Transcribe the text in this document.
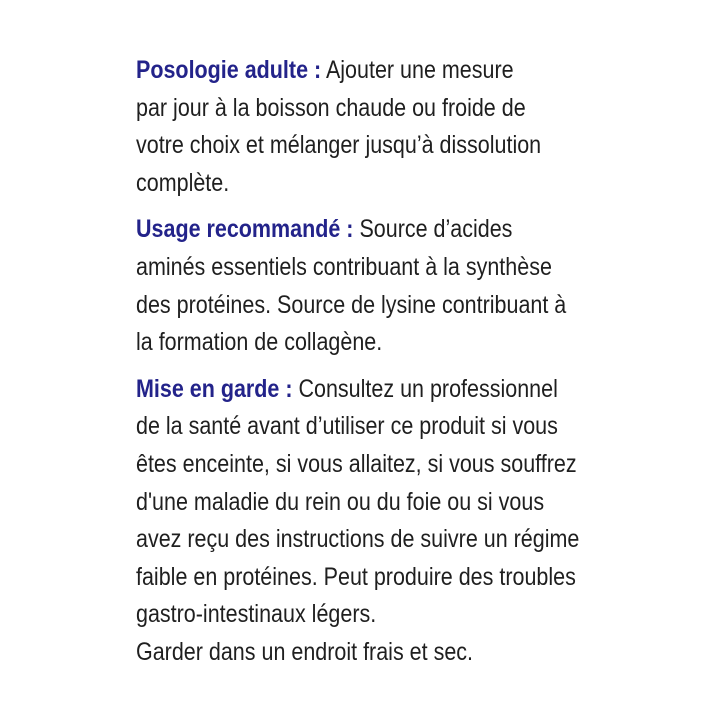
Posologie adulte : Ajouter une mesure
par jour à la boisson chaude ou froide de
votre choix et mélanger jusqu’à dissolution
complète.
Usage recommandé : Source d’acides
aminés essentiels contribuant à la synthèse
des protéines. Source de lysine contribuant à
la formation de collagène.
Mise en garde : Consultez un professionnel
de la santé avant d’utiliser ce produit si vous
êtes enceinte, si vous allaitez, si vous souffrez
d'une maladie du rein ou du foie ou si vous
avez reçu des instructions de suivre un régime
faible en protéines. Peut produire des troubles
gastro-intestinaux légers.
Garder dans un endroit frais et sec.
